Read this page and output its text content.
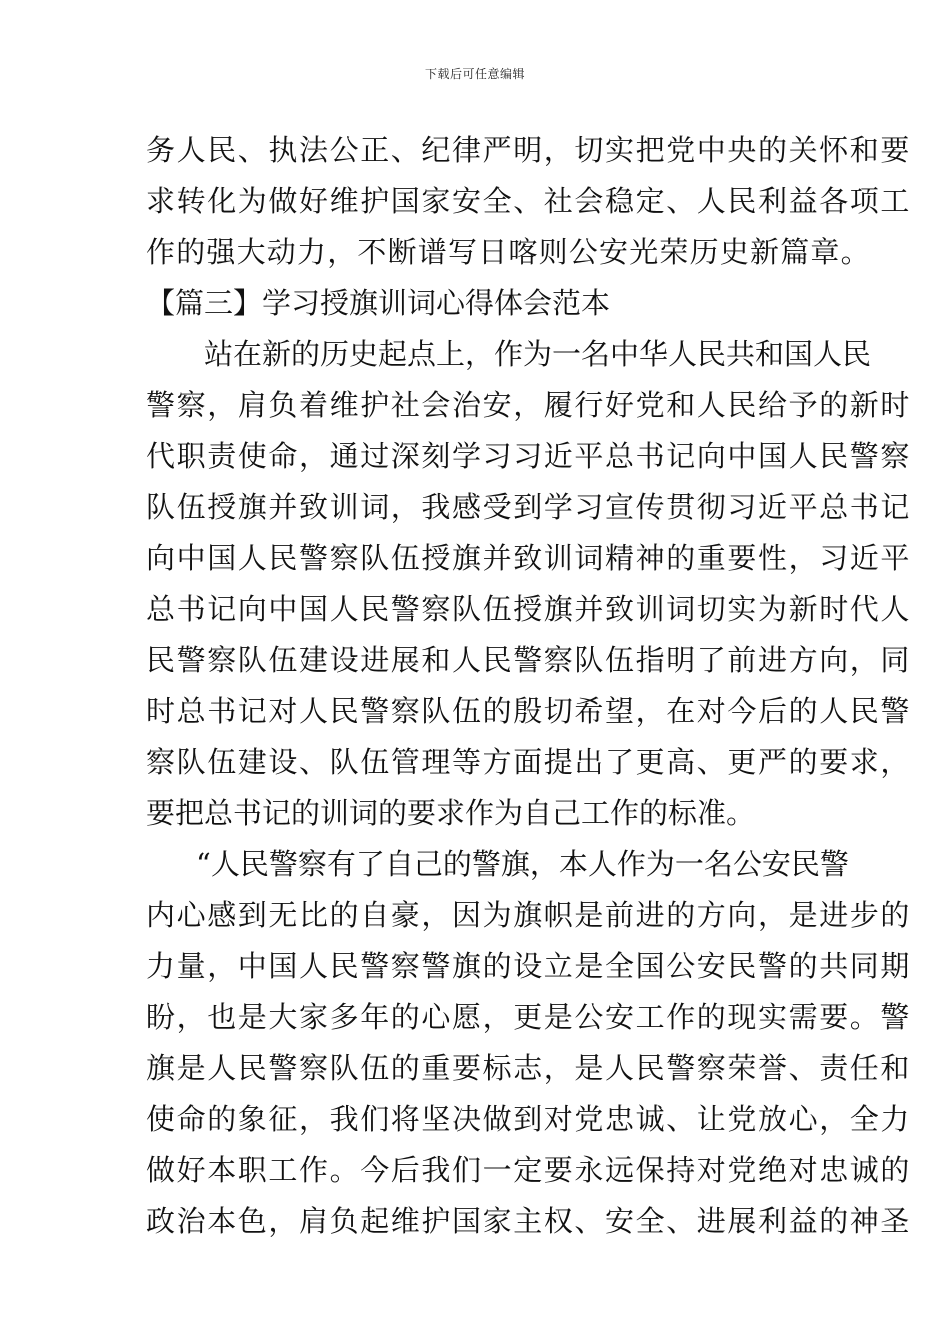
下载后可任意编辑
务人民、执法公正、纪律严明，切实把党中央的关怀和要
求转化为做好维护国家安全、社会稳定、人民利益各项工
作的强大动力，不断谱写日喀则公安光荣历史新篇章。
【篇三】学习授旗训词心得体会范本
站在新的历史起点上，作为一名中华人民共和国人民
警察，肩负着维护社会治安，履行好党和人民给予的新时
代职责使命，通过深刻学习习近平总书记向中国人民警察
队伍授旗并致训词，我感受到学习宣传贯彻习近平总书记
向中国人民警察队伍授旗并致训词精神的重要性，习近平
总书记向中国人民警察队伍授旗并致训词切实为新时代人
民警察队伍建设进展和人民警察队伍指明了前进方向，同
时总书记对人民警察队伍的殷切希望，在对今后的人民警
察队伍建设、队伍管理等方面提出了更高、更严的要求，
要把总书记的训词的要求作为自己工作的标准。
“人民警察有了自己的警旗，本人作为一名公安民警
内心感到无比的自豪，因为旗帜是前进的方向，是进步的
力量，中国人民警察警旗的设立是全国公安民警的共同期
盼，也是大家多年的心愿，更是公安工作的现实需要。警
旗是人民警察队伍的重要标志，是人民警察荣誉、责任和
使命的象征，我们将坚决做到对党忠诚、让党放心，全力
做好本职工作。今后我们一定要永远保持对党绝对忠诚的
政治本色，肩负起维护国家主权、安全、进展利益的神圣
